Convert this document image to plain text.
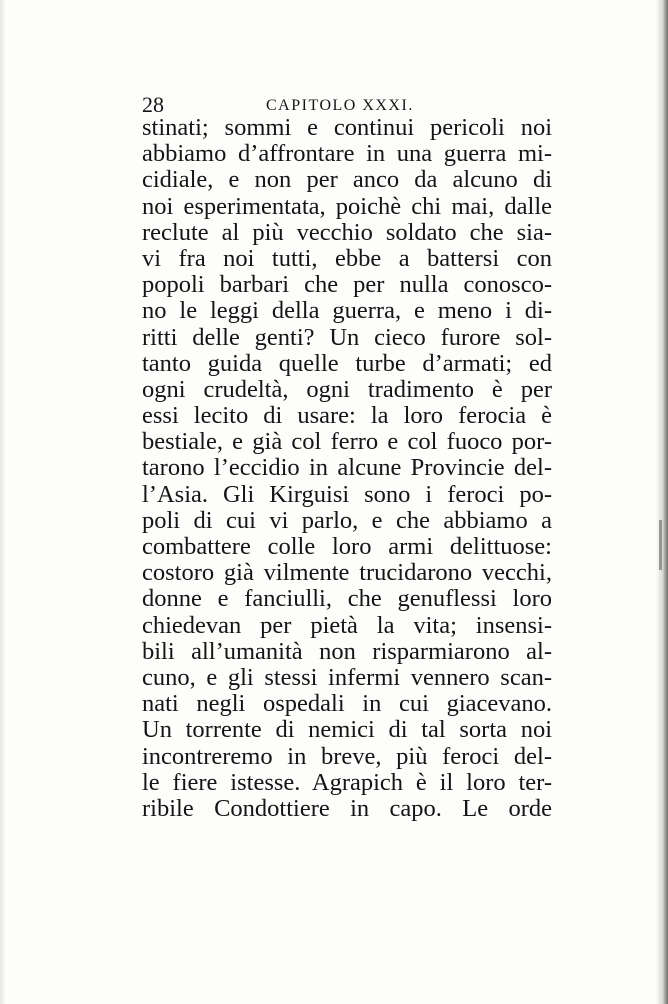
28	CAPITOLO XXXI.
stinati; sommi e continui pericoli noi
abbiamo d’affrontare in una guerra mi-
cidiale, e non per anco da alcuno di
noi esperimentata, poichè chi mai, dalle
reclute al più vecchio soldato che sia-
vi fra noi tutti, ebbe a battersi con
popoli barbari che per nulla conosco-
no le leggi della guerra, e meno i di-
ritti delle genti? Un cieco furore sol-
tanto guida quelle turbe d’armati; ed
ogni crudeltà, ogni tradimento è per
essi lecito di usare: la loro ferocia è
bestiale, e già col ferro e col fuoco por-
tarono l’eccidio in alcune Provincie del-
l’Asia. Gli Kirguisi sono i feroci po-
poli di cui vi parlo, e che abbiamo a
combattere colle loro armi delittuose:
costoro già vilmente trucidarono vecchi,
donne e fanciulli, che genuflessi loro
chiedevan per pietà la vita; insensi-
bili all’umanità non risparmiarono al-
cuno, e gli stessi infermi vennero scan-
nati negli ospedali in cui giacevano.
Un torrente di nemici di tal sorta noi
incontreremo in breve, più feroci del-
le fiere istesse. Agrapich è il loro ter-
ribile Condottiere in capo. Le orde
